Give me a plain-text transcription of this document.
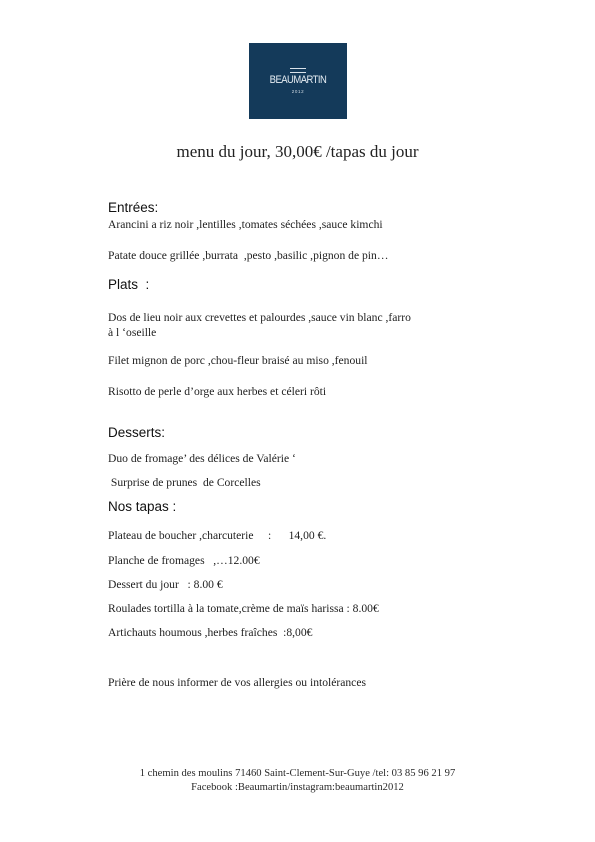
BEAUMARTIN
2012
menu du jour, 30,00€ /tapas du jour
Entrées:
Arancini a riz noir ,lentilles ,tomates séchées ,sauce kimchi
Patate douce grillée ,burrata  ,pesto ,basilic ,pignon de pin…
Plats  :
Dos de lieu noir aux crevettes et palourdes ,sauce vin blanc ,farro
à l ‘oseille
Filet mignon de porc ,chou-fleur braisé au miso ,fenouil
Risotto de perle d’orge aux herbes et céleri rôti
Desserts:
Duo de fromage’ des délices de Valérie ‘
Surprise de prunes  de Corcelles
Nos tapas :
Plateau de boucher ,charcuterie     :      14,00 €.
Planche de fromages   ,…12.00€
Dessert du jour   : 8.00 €
Roulades tortilla à la tomate,crème de maïs harissa : 8.00€
Artichauts houmous ,herbes fraîches  :8,00€
Prière de nous informer de vos allergies ou intolérances
1 chemin des moulins 71460 Saint-Clement-Sur-Guye /tel: 03 85 96 21 97
Facebook :Beaumartin/instagram:beaumartin2012
